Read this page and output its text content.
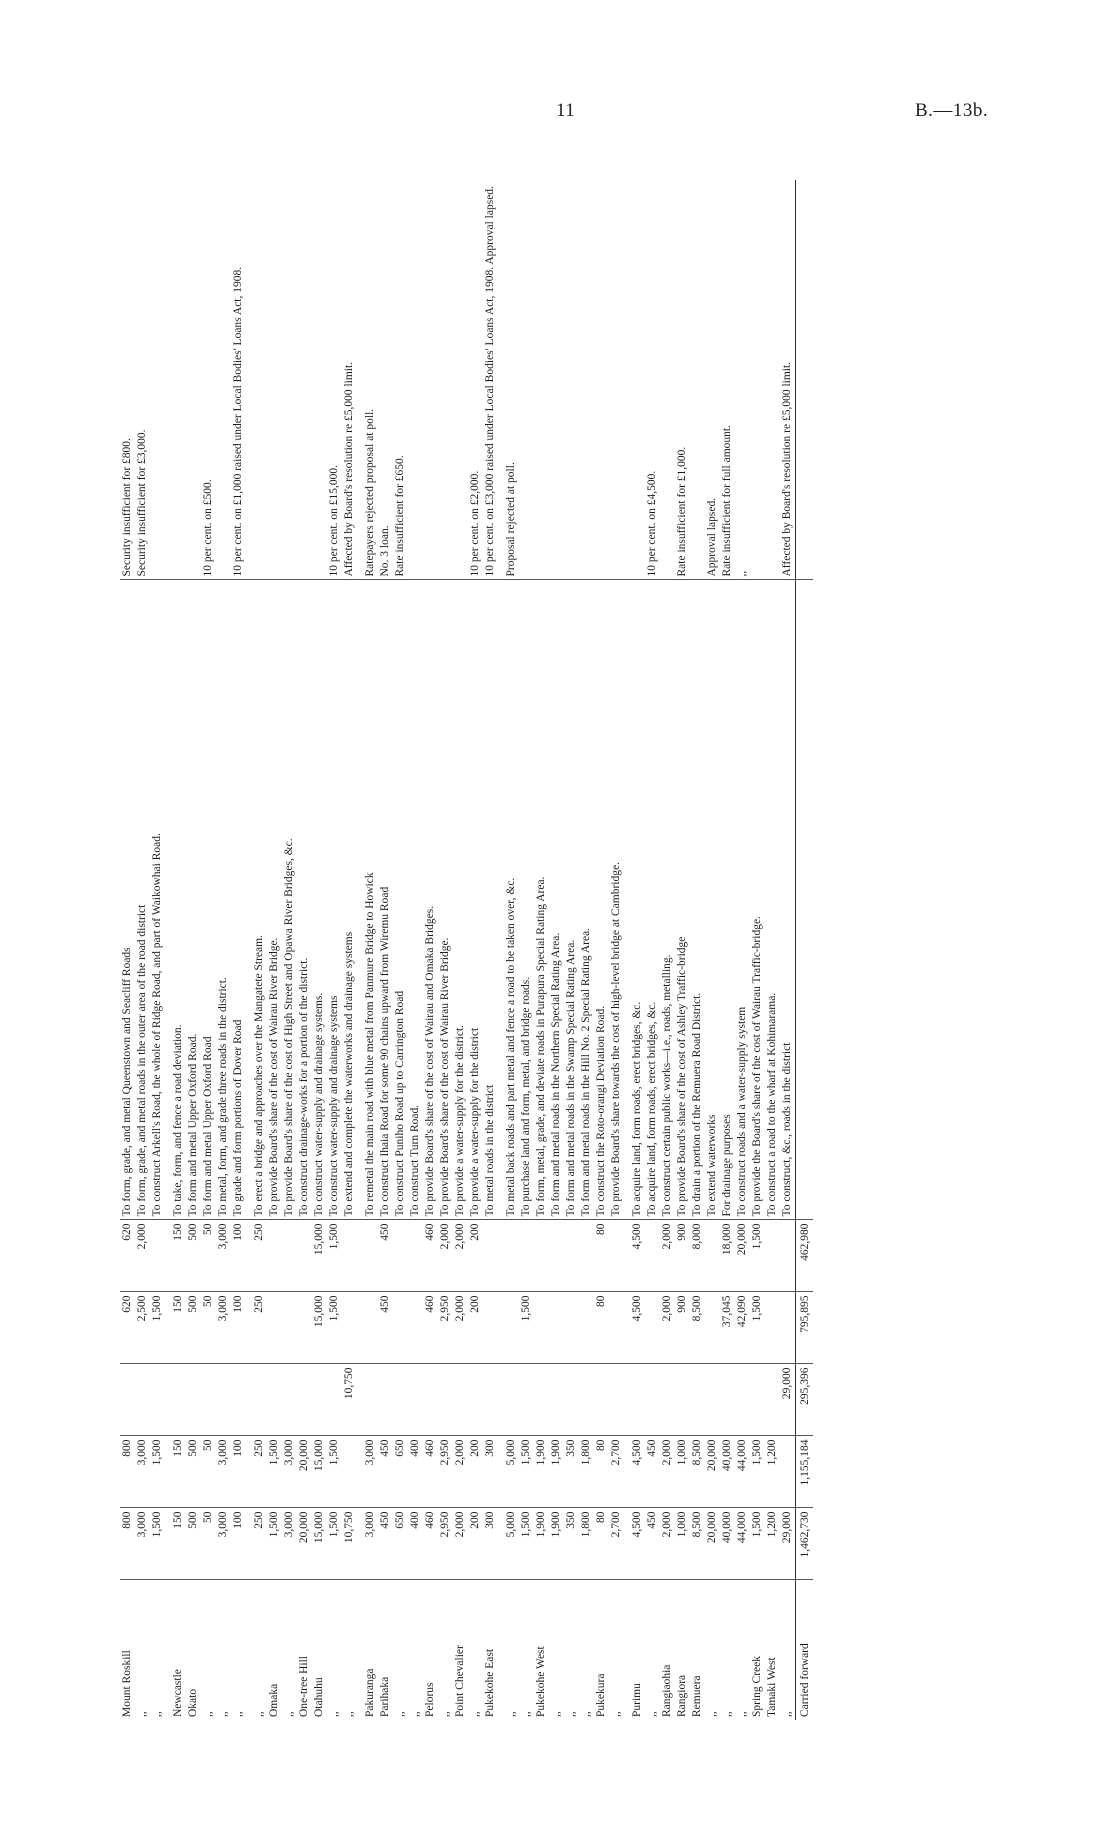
11	B.—13b.
Mount Roskill	800	800		620	620	To form, grade, and metal Queenstown and Seacliff Roads	Security insufficient for £800.
,,	3,000	3,000		2,500	2,000	To form, grade, and metal roads in the outer area of the road district	Security insufficient for £3,000.
,,	1,500	1,500		1,500		To construct Arkell's Road, the whole of Ridge Road, and part of Waikowhai Road.	

Newcastle	150	150		150	150	To take, form, and fence a road deviation.	
Okato	500	500		500	500	To form and metal Upper Oxford Road.	
,,	50	50		50	50	To form and metal Upper Oxford Road	10 per cent. on £500.
,,	3,000	3,000		3,000	3,000	To metal, form, and grade three roads in the district.	
,,	100	100		100	100	To grade and form portions of Dover Road	10 per cent. on £1,000 raised under Local Bodies' Loans Act, 1908.

,,	250	250		250	250	To erect a bridge and approaches over the Mangatete Stream.	
Omaka	1,500	1,500				To provide Board's share of the cost of Wairau River Bridge.	
,,	3,000	3,000				To provide Board's share of the cost of High Street and Opawa River Bridges, &c.	
One-tree Hill	20,000	20,000				To construct drainage-works for a portion of the district.	
Otahuhu	15,000	15,000		15,000	15,000	To construct water-supply and drainage systems.	
,,	1,500	1,500		1,500	1,500	To construct water-supply and drainage systems	10 per cent. on £15,000.
,,	10,750		10,750			To extend and complete the waterworks and drainage systems	Affected by Board's resolution re £5,000 limit.

Pakuranga	3,000	3,000				To remetal the main road with blue metal from Panmure Bridge to Howick	Ratepayers rejected proposal at poll.
Parihaka	450	450		450	450	To construct Ihaia Road for some 90 chains upward from Wiremu Road	No. 3 loan.
,,	650	650				To construct Puniho Road up to Carrington Road	Rate insufficient for £650.
,,	400	400				To construct Turn Road.	
Pelorus	460	460		460	460	To provide Board's share of the cost of Wairau and Omaka Bridges.	
,,	2,950	2,950		2,950	2,000	To provide Board's share of the cost of Wairau River Bridge.	
Point Chevalier	2,000	2,000		2,000	2,000	To provide a water-supply for the district.	
,,	200	200		200	200	To provide a water-supply for the district	10 per cent. on £2,000.
Pukekohe East	300	300				To metal roads in the district	10 per cent. on £3,000 raised under Local Bodies' Loans Act, 1908. Approval lapsed.

,,	5,000	5,000				To metal back roads and part metal and fence a road to be taken over, &c.	Proposal rejected at poll.
,,	1,500	1,500		1,500		To purchase land and form, metal, and bridge roads.	
Pukekohe West	1,900	1,900				To form, metal, grade, and deviate roads in Purapura Special Rating Area.	
,,	1,900	1,900				To form and metal roads in the Northern Special Rating Area.	
,,	350	350				To form and metal roads in the Swamp Special Rating Area.	
,,	1,800	1,800				To form and metal roads in the Hill No. 2 Special Rating Area.	
Pukekura	80	80		80	80	To construct the Roto-orangi Deviation Road.	
,,	2,700	2,700				To provide Board's share towards the cost of high-level bridge at Cambridge.	

Purimu	4,500	4,500		4,500	4,500	To acquire land, form roads, erect bridges, &c.	
,,	450	450				To acquire land, form roads, erect bridges, &c.	10 per cent. on £4,500.
Rangiaohia	2,000	2,000		2,000	2,000	To construct certain public works—i.e., roads, metalling.	
Rangiora	1,000	1,000		900	900	To provide Board's share of the cost of Ashley Traffic-bridge	Rate insufficient for £1,000.
Remuera	8,500	8,500		8,500	8,000	To drain a portion of the Remuera Road District.	
,,	20,000	20,000				To extend waterworks	Approval lapsed.
,,	40,000	40,000		37,045	18,000	For drainage purposes	Rate insufficient for full amount.
,,	44,000	44,000		42,090	20,000	To construct roads and a water-supply system	,,
Spring Creek	1,500	1,500		1,500	1,500	To provide the Board's share of the cost of Wairau Traffic-bridge.	
Tamaki West	1,200	1,200				To construct a road to the wharf at Kohimarama.	
,,	29,000		29,000			To construct, &c., roads in the district	Affected by Board's resolution re £5,000 limit.
Carried forward	1,462,730	1,155,184	295,396	795,895	462,980		
